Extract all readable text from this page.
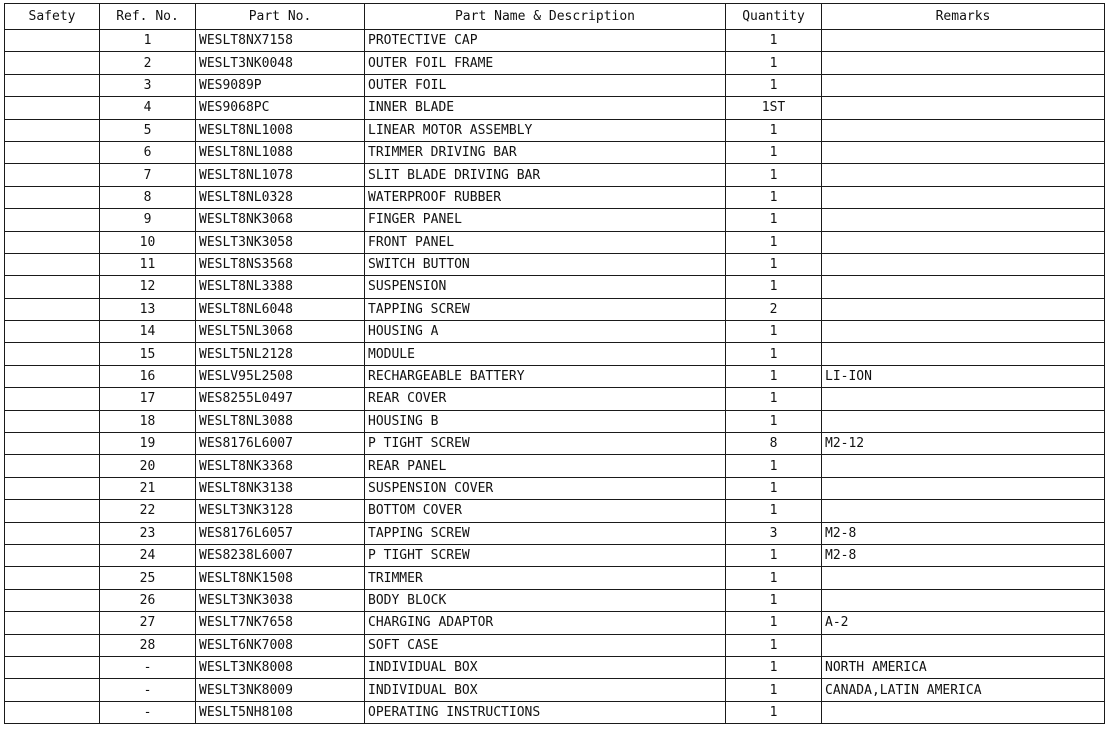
Safety	Ref. No.	Part No.	Part Name & Description	Quantity	Remarks
	1	WESLT8NX7158	PROTECTIVE CAP	1	
	2	WESLT3NK0048	OUTER FOIL FRAME	1	
	3	WES9089P	OUTER FOIL	1	
	4	WES9068PC	INNER BLADE	1ST	
	5	WESLT8NL1008	LINEAR MOTOR ASSEMBLY	1	
	6	WESLT8NL1088	TRIMMER DRIVING BAR	1	
	7	WESLT8NL1078	SLIT BLADE DRIVING BAR	1	
	8	WESLT8NL0328	WATERPROOF RUBBER	1	
	9	WESLT8NK3068	FINGER PANEL	1	
	10	WESLT3NK3058	FRONT PANEL	1	
	11	WESLT8NS3568	SWITCH BUTTON	1	
	12	WESLT8NL3388	SUSPENSION	1	
	13	WESLT8NL6048	TAPPING SCREW	2	
	14	WESLT5NL3068	HOUSING A	1	
	15	WESLT5NL2128	MODULE	1	
	16	WESLV95L2508	RECHARGEABLE BATTERY	1	LI-ION
	17	WES8255L0497	REAR COVER	1	
	18	WESLT8NL3088	HOUSING B	1	
	19	WES8176L6007	P TIGHT SCREW	8	M2-12
	20	WESLT8NK3368	REAR PANEL	1	
	21	WESLT8NK3138	SUSPENSION COVER	1	
	22	WESLT3NK3128	BOTTOM COVER	1	
	23	WES8176L6057	TAPPING SCREW	3	M2-8
	24	WES8238L6007	P TIGHT SCREW	1	M2-8
	25	WESLT8NK1508	TRIMMER	1	
	26	WESLT3NK3038	BODY BLOCK	1	
	27	WESLT7NK7658	CHARGING ADAPTOR	1	A-2
	28	WESLT6NK7008	SOFT CASE	1	
	-	WESLT3NK8008	INDIVIDUAL BOX	1	NORTH AMERICA
	-	WESLT3NK8009	INDIVIDUAL BOX	1	CANADA,LATIN AMERICA
	-	WESLT5NH8108	OPERATING INSTRUCTIONS	1	
